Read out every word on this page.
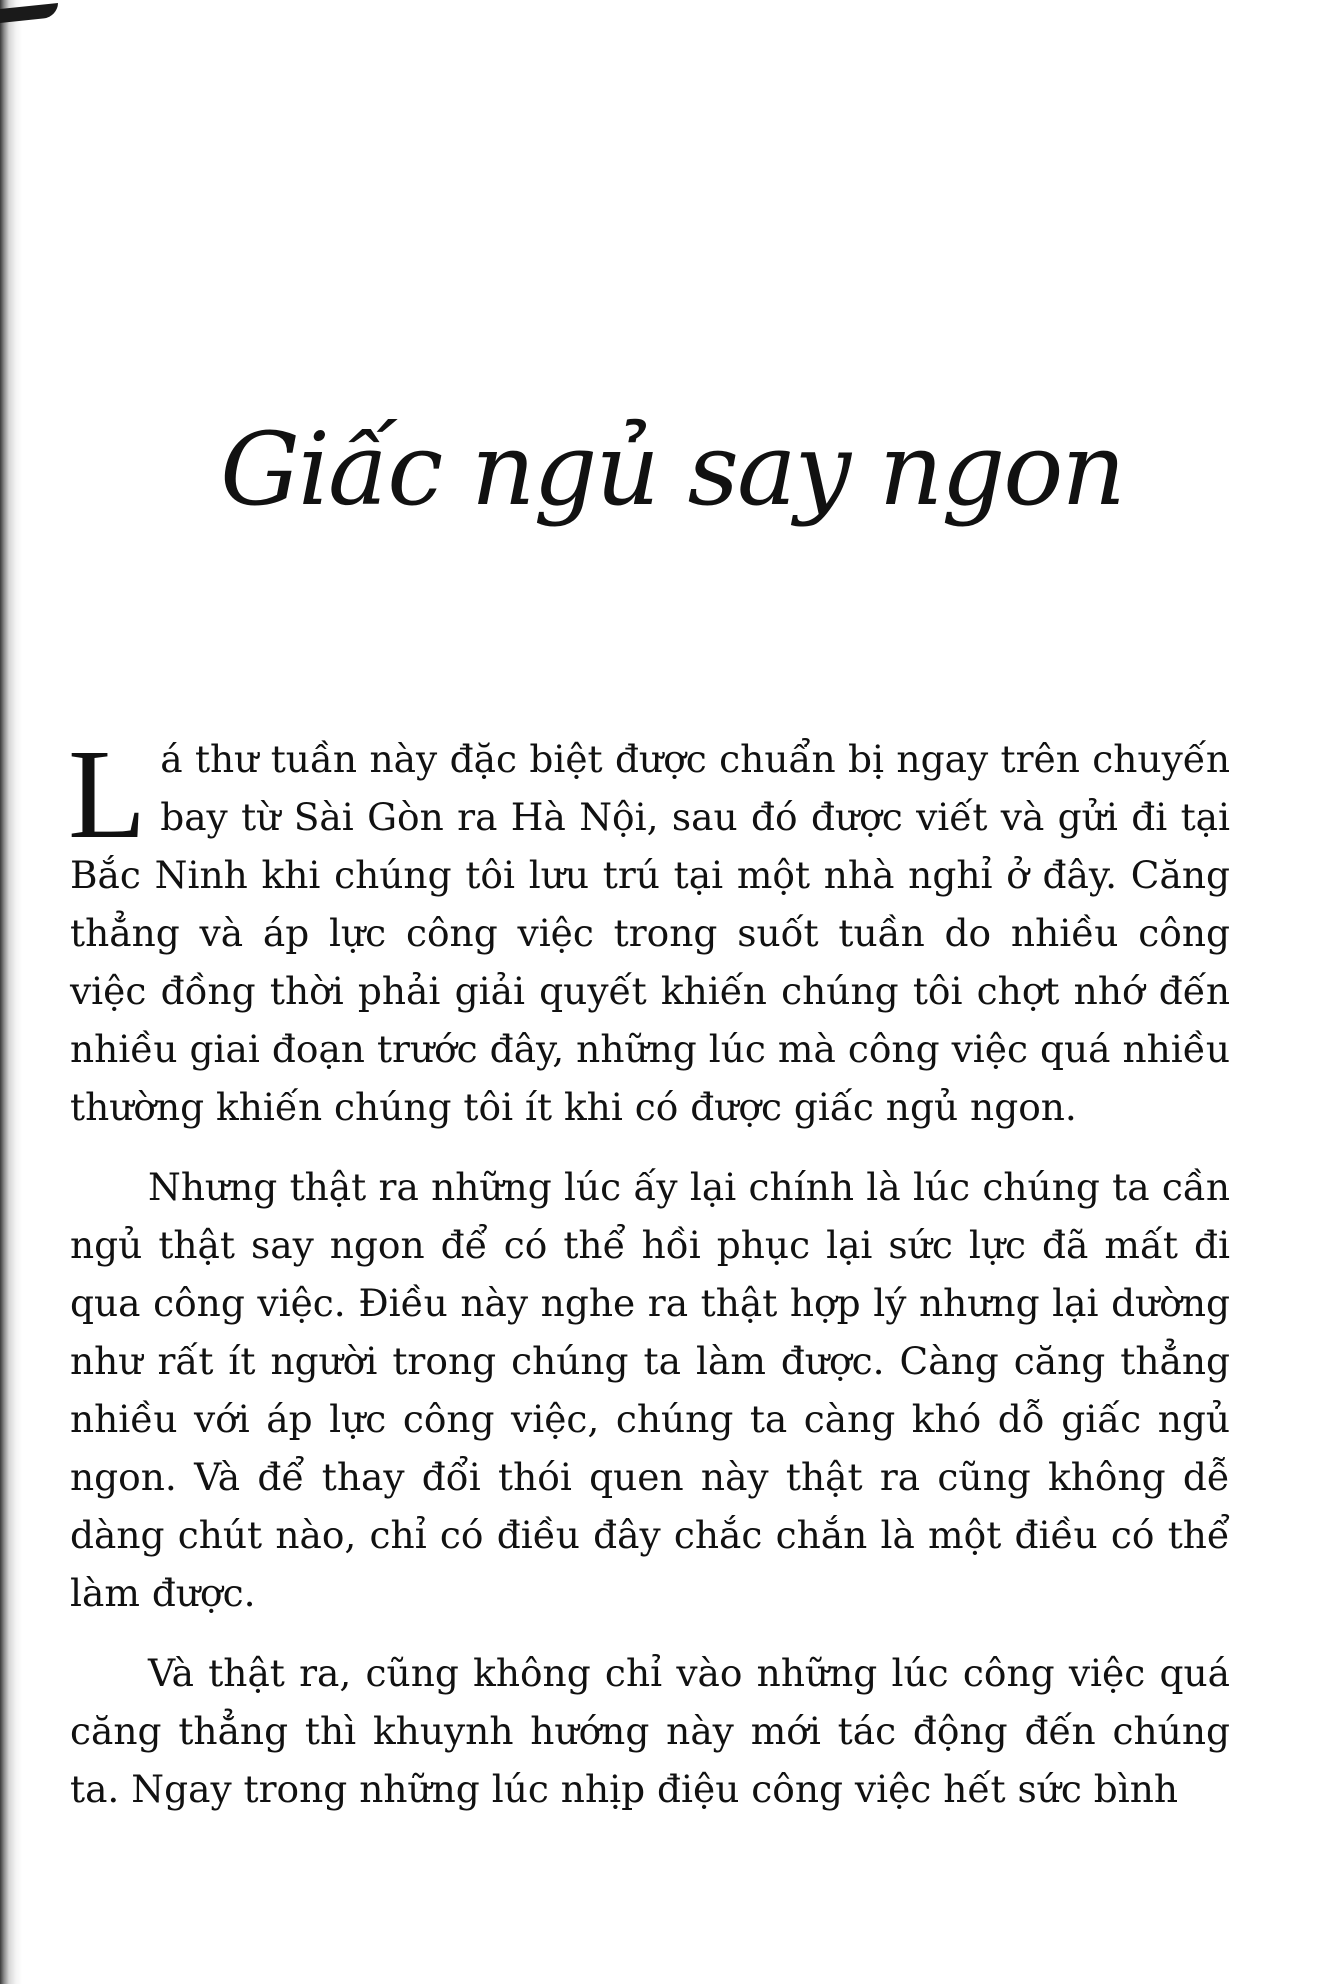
Giấc ngủ say ngon

Lá thư tuần này đặc biệt được chuẩn bị ngay trên chuyến bay từ Sài Gòn ra Hà Nội, sau đó được viết và gửi đi tại Bắc Ninh khi chúng tôi lưu trú tại một nhà nghỉ ở đây. Căng thẳng và áp lực công việc trong suốt tuần do nhiều công việc đồng thời phải giải quyết khiến chúng tôi chợt nhớ đến nhiều giai đoạn trước đây, những lúc mà công việc quá nhiều thường khiến chúng tôi ít khi có được giấc ngủ ngon.

Nhưng thật ra những lúc ấy lại chính là lúc chúng ta cần ngủ thật say ngon để có thể hồi phục lại sức lực đã mất đi qua công việc. Điều này nghe ra thật hợp lý nhưng lại dường như rất ít người trong chúng ta làm được. Càng căng thẳng nhiều với áp lực công việc, chúng ta càng khó dỗ giấc ngủ ngon. Và để thay đổi thói quen này thật ra cũng không dễ dàng chút nào, chỉ có điều đây chắc chắn là một điều có thể làm được.

Và thật ra, cũng không chỉ vào những lúc công việc quá căng thẳng thì khuynh hướng này mới tác động đến chúng ta. Ngay trong những lúc nhịp điệu công việc hết sức bình
